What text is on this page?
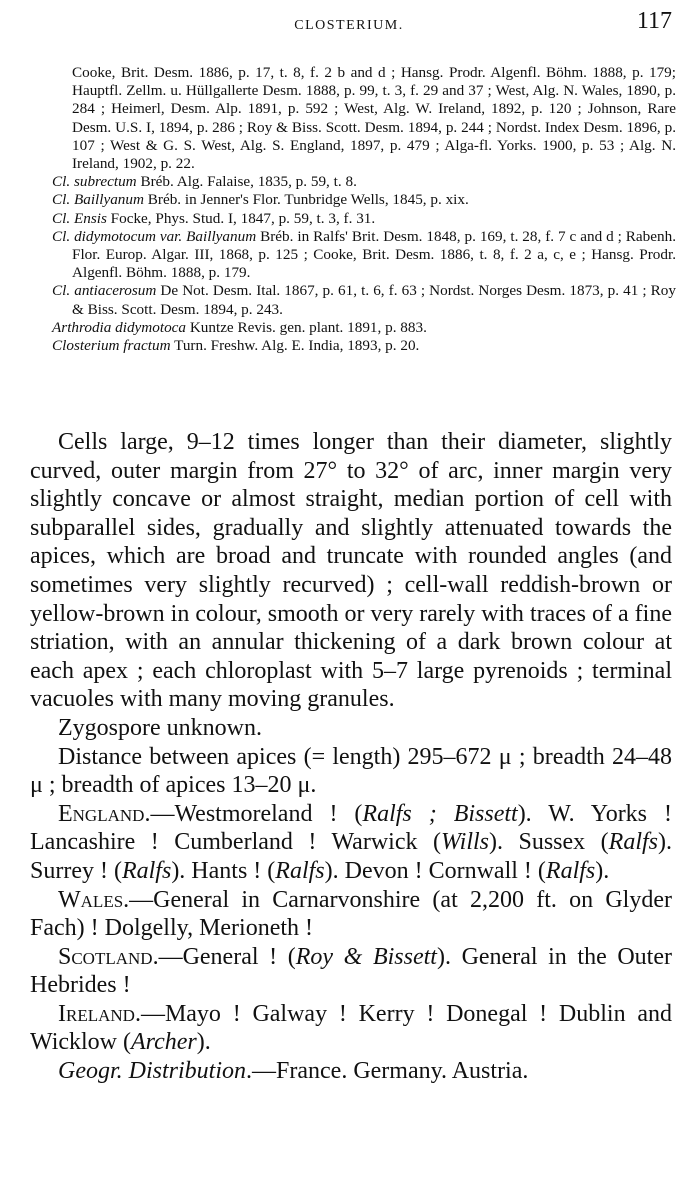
CLOSTERIUM.	117

Cooke, Brit. Desm. 1886, p. 17, t. 8, f. 2 b and d ; Hansg. Prodr. Algenfl. Böhm. 1888, p. 179; Hauptfl. Zellm. u. Hüllgallerte Desm. 1888, p. 99, t. 3, f. 29 and 37 ; West, Alg. N. Wales, 1890, p. 284 ; Heimerl, Desm. Alp. 1891, p. 592 ; West, Alg. W. Ireland, 1892, p. 120 ; Johnson, Rare Desm. U.S. I, 1894, p. 286 ; Roy & Biss. Scott. Desm. 1894, p. 244 ; Nordst. Index Desm. 1896, p. 107 ; West & G. S. West, Alg. S. England, 1897, p. 479 ; Alga-fl. Yorks. 1900, p. 53 ; Alg. N. Ireland, 1902, p. 22.

Cl. subrectum Bréb. Alg. Falaise, 1835, p. 59, t. 8.

Cl. Baillyanum Bréb. in Jenner's Flor. Tunbridge Wells, 1845, p. xix.

Cl. Ensis Focke, Phys. Stud. I, 1847, p. 59, t. 3, f. 31.

Cl. didymotocum var. Baillyanum Bréb. in Ralfs' Brit. Desm. 1848, p. 169, t. 28, f. 7 c and d ; Rabenh. Flor. Europ. Algar. III, 1868, p. 125 ; Cooke, Brit. Desm. 1886, t. 8, f. 2 a, c, e ; Hansg. Prodr. Algenfl. Böhm. 1888, p. 179.

Cl. antiacerosum De Not. Desm. Ital. 1867, p. 61, t. 6, f. 63 ; Nordst. Norges Desm. 1873, p. 41 ; Roy & Biss. Scott. Desm. 1894, p. 243.

Arthrodia didymotoca Kuntze Revis. gen. plant. 1891, p. 883.

Closterium fractum Turn. Freshw. Alg. E. India, 1893, p. 20.

Cells large, 9–12 times longer than their diameter, slightly curved, outer margin from 27° to 32° of arc, inner margin very slightly concave or almost straight, median portion of cell with subparallel sides, gradually and slightly attenuated towards the apices, which are broad and truncate with rounded angles (and sometimes very slightly recurved) ; cell-wall reddish-brown or yellow-brown in colour, smooth or very rarely with traces of a fine striation, with an annular thickening of a dark brown colour at each apex ; each chloroplast with 5–7 large pyrenoids ; terminal vacuoles with many moving granules.

Zygospore unknown.

Distance between apices (= length) 295–672 μ ; breadth 24–48 μ ; breadth of apices 13–20 μ.

England.—Westmoreland ! (Ralfs ; Bissett). W. Yorks ! Lancashire ! Cumberland ! Warwick (Wills). Sussex (Ralfs). Surrey ! (Ralfs). Hants ! (Ralfs). Devon ! Cornwall ! (Ralfs).

Wales.—General in Carnarvonshire (at 2,200 ft. on Glyder Fach) ! Dolgelly, Merioneth !

Scotland.—General ! (Roy & Bissett). General in the Outer Hebrides !

Ireland.—Mayo ! Galway ! Kerry ! Donegal ! Dublin and Wicklow (Archer).

Geogr. Distribution.—France. Germany. Austria.
